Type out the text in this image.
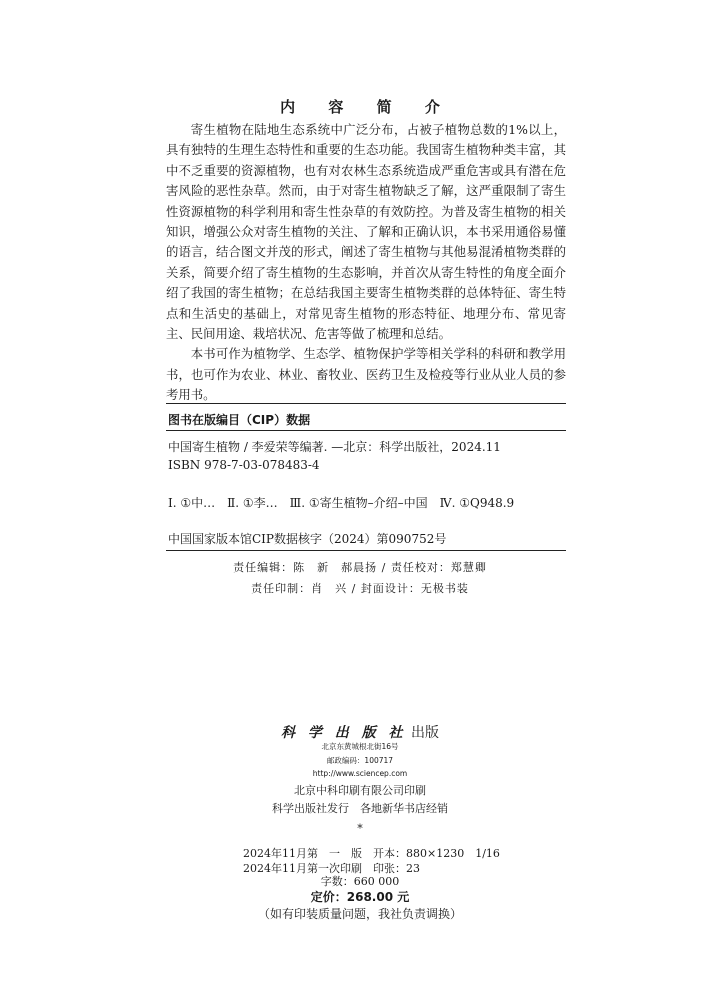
内 容 简 介

寄生植物在陆地生态系统中广泛分布，占被子植物总数的1%以上，具有独特的生理生态特性和重要的生态功能。我国寄生植物种类丰富，其中不乏重要的资源植物，也有对农林生态系统造成严重危害或具有潜在危害风险的恶性杂草。然而，由于对寄生植物缺乏了解，这严重限制了寄生性资源植物的科学利用和寄生性杂草的有效防控。为普及寄生植物的相关知识，增强公众对寄生植物的关注、了解和正确认识，本书采用通俗易懂的语言，结合图文并茂的形式，阐述了寄生植物与其他易混淆植物类群的关系，简要介绍了寄生植物的生态影响，并首次从寄生特性的角度全面介绍了我国的寄生植物；在总结我国主要寄生植物类群的总体特征、寄生特点和生活史的基础上，对常见寄生植物的形态特征、地理分布、常见寄主、民间用途、栽培状况、危害等做了梳理和总结。

本书可作为植物学、生态学、植物保护学等相关学科的科研和教学用书，也可作为农业、林业、畜牧业、医药卫生及检疫等行业从业人员的参考用书。

图书在版编目（CIP）数据
中国寄生植物 / 李爱荣等编著. —北京：科学出版社，2024.11
ISBN 978-7-03-078483-4
Ⅰ. ①中…　Ⅱ. ①李…　Ⅲ. ①寄生植物–介绍–中国　Ⅳ. ①Q948.9
中国国家版本馆CIP数据核字（2024）第090752号
责任编辑：陈　新　郝晨扬 / 责任校对：郑慧卿
责任印制：肖　兴 / 封面设计：无极书装
科 学 出 版 社 出版
北京东黄城根北街16号
邮政编码：100717
http://www.sciencep.com
北京中科印刷有限公司印刷
科学出版社发行　各地新华书店经销
*
2024年11月第　一　版　开本：880×1230　1/16
2024年11月第一次印刷　印张：23
字数：660 000
定价：268.00 元
（如有印装质量问题，我社负责调换）
